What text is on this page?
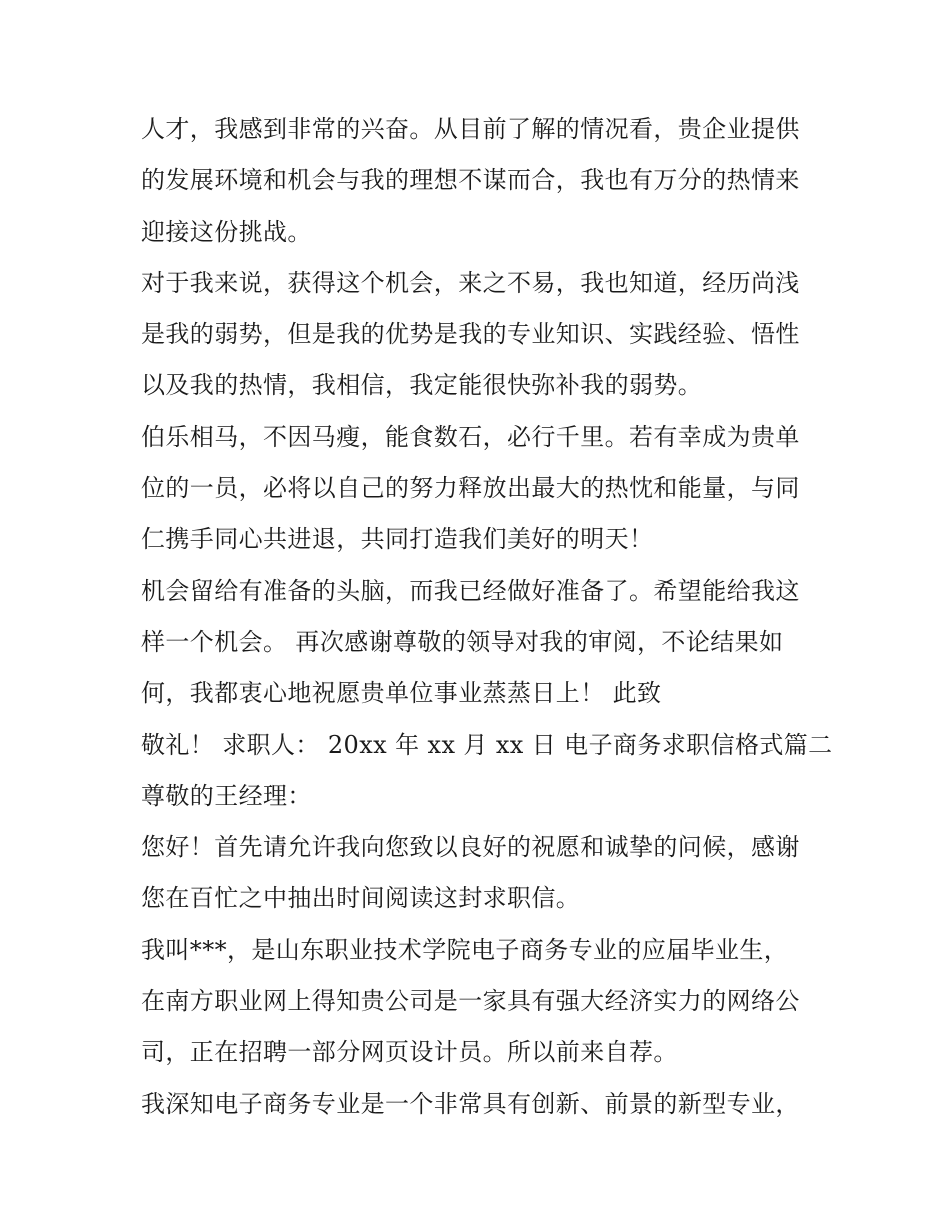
人才，我感到非常的兴奋。从目前了解的情况看，贵企业提供
的发展环境和机会与我的理想不谋而合，我也有万分的热情来
迎接这份挑战。
对于我来说，获得这个机会，来之不易，我也知道，经历尚浅
是我的弱势，但是我的优势是我的专业知识、实践经验、悟性
以及我的热情，我相信，我定能很快弥补我的弱势。
伯乐相马，不因马瘦，能食数石，必行千里。若有幸成为贵单
位的一员，必将以自己的努力释放出最大的热忱和能量，与同
仁携手同心共进退，共同打造我们美好的明天！
机会留给有准备的头脑，而我已经做好准备了。希望能给我这
样一个机会。 再次感谢尊敬的领导对我的审阅，不论结果如
何，我都衷心地祝愿贵单位事业蒸蒸日上！ 此致
敬礼！ 求职人： 20xx 年 xx 月 xx 日 电子商务求职信格式篇二
尊敬的王经理：
您好！首先请允许我向您致以良好的祝愿和诚挚的问候，感谢
您在百忙之中抽出时间阅读这封求职信。
我叫***，是山东职业技术学院电子商务专业的应届毕业生，
在南方职业网上得知贵公司是一家具有强大经济实力的网络公
司，正在招聘一部分网页设计员。所以前来自荐。
我深知电子商务专业是一个非常具有创新、前景的新型专业，
